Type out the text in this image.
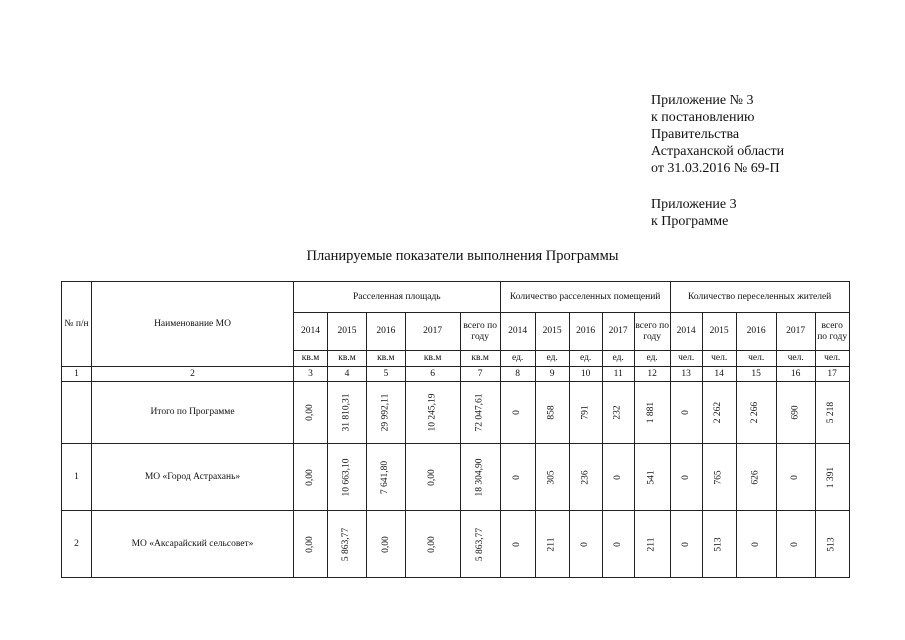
Приложение № 3
к постановлению
Правительства
Астраханской области
от 31.03.2016 № 69-П
Приложение 3
к Программе
Планируемые показатели выполнения Программы
№ п/н	Наименование МО	Расселенная площадь					Количество расселенных помещений					Количество переселенных жителей				
		2014	2015	2016	2017	всего по году	2014	2015	2016	2017	всего по году	2014	2015	2016	2017	всего по году
		кв.м	кв.м	кв.м	кв.м	кв.м	ед.	ед.	ед.	ед.	ед.	чел.	чел.	чел.	чел.	чел.
1	2	3	4	5	6	7	8	9	10	11	12	13	14	15	16	17
	Итого по Программе	0,00	31 810,31	29 992,11	10 245,19	72 047,61	0	858	791	232	1 881	0	2 262	2 266	690	5 218
1	МО «Город Астрахань»	0,00	10 663,10	7 641,80	0,00	18 304,90	0	305	236	0	541	0	765	626	0	1 391
2	МО «Аксарайский сельсовет»	0,00	5 863,77	0,00	0,00	5 863,77	0	211	0	0	211	0	513	0	0	513
